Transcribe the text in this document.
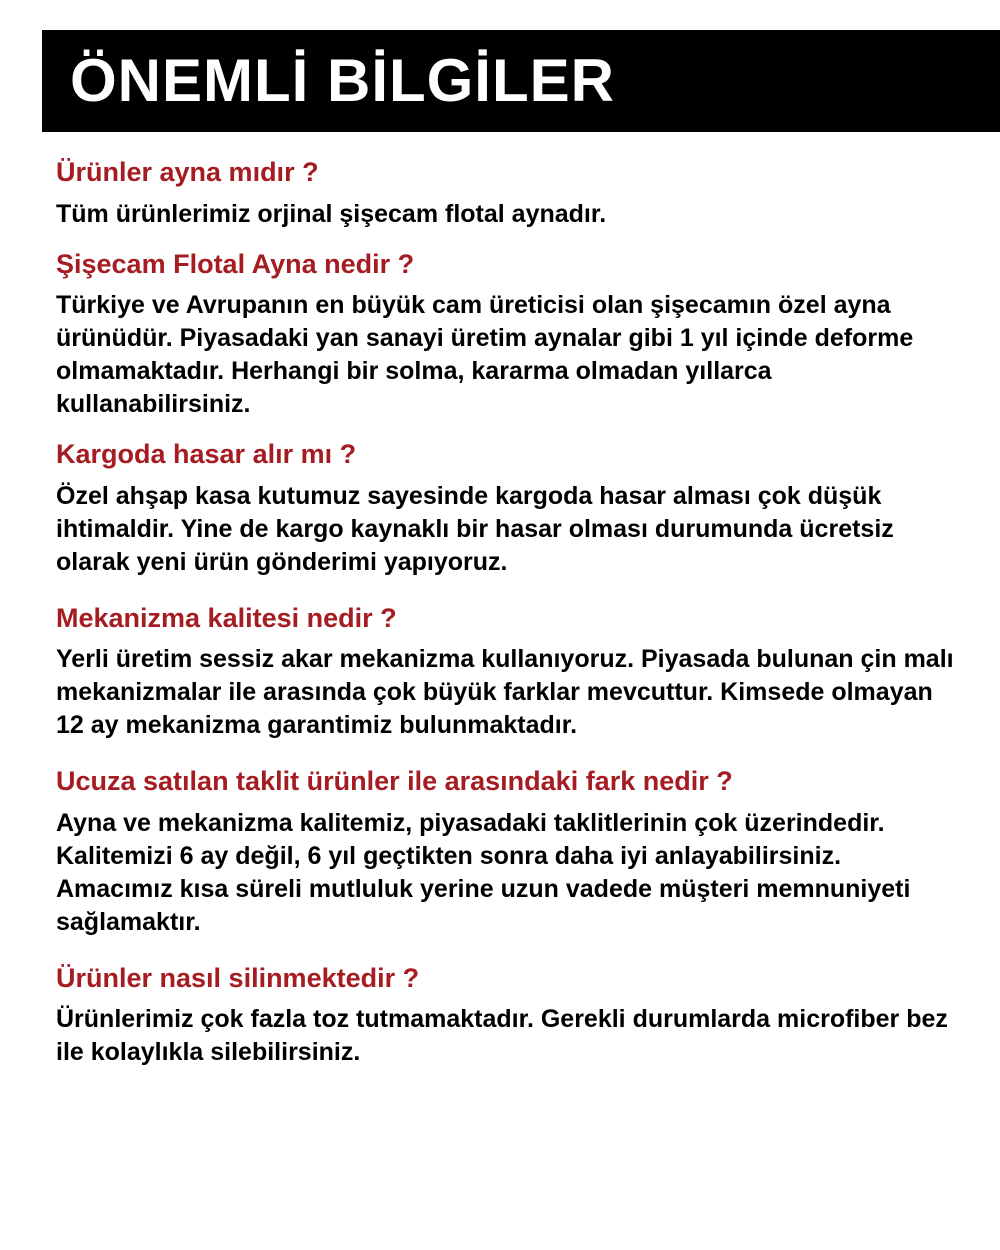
ÖNEMLİ BİLGİLER

Ürünler ayna mıdır ?

Tüm ürünlerimiz orjinal şişecam flotal aynadır.

Şişecam Flotal Ayna nedir ?

Türkiye ve Avrupanın en büyük cam üreticisi olan şişecamın özel ayna ürünüdür. Piyasadaki yan sanayi üretim aynalar gibi 1 yıl içinde deforme olmamaktadır. Herhangi bir solma, kararma olmadan yıllarca kullanabilirsiniz.

Kargoda hasar alır mı ?

Özel ahşap kasa kutumuz sayesinde kargoda hasar alması çok düşük ihtimaldir. Yine de kargo kaynaklı bir hasar olması durumunda ücretsiz olarak yeni ürün gönderimi yapıyoruz.

Mekanizma kalitesi nedir ?

Yerli üretim sessiz akar mekanizma kullanıyoruz. Piyasada bulunan çin malı mekanizmalar ile arasında çok büyük farklar mevcuttur. Kimsede olmayan 12 ay mekanizma garantimiz bulunmaktadır.

Ucuza satılan taklit ürünler ile arasındaki fark nedir ?

Ayna ve mekanizma kalitemiz, piyasadaki taklitlerinin çok üzerindedir. Kalitemizi 6 ay değil, 6 yıl geçtikten sonra daha iyi anlayabilirsiniz. Amacımız kısa süreli mutluluk yerine uzun vadede müşteri memnuniyeti sağlamaktır.

Ürünler nasıl silinmektedir ?

Ürünlerimiz çok fazla toz tutmamaktadır. Gerekli durumlarda microfiber bez ile kolaylıkla silebilirsiniz.
